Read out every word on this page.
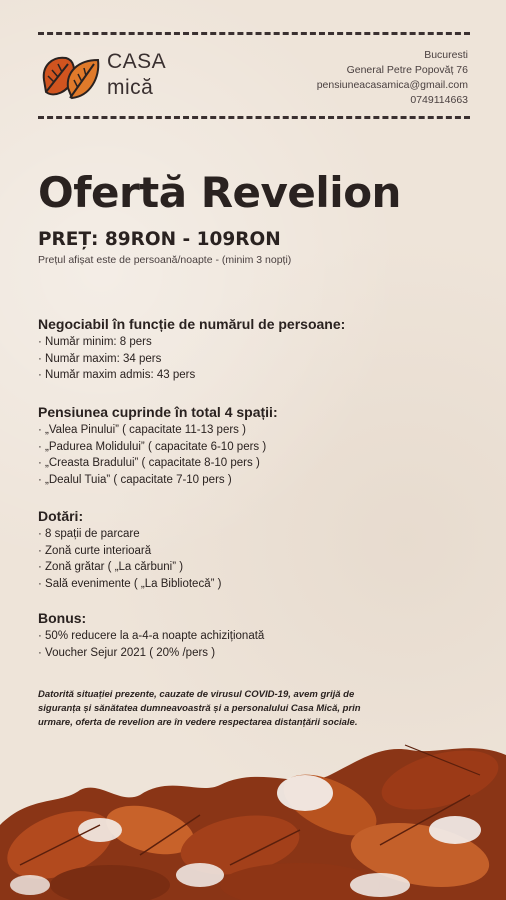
CASA
mică
Bucuresti
General Petre Popovăț 76
pensiuneacasamica@gmail.com
0749114663
Ofertă Revelion
PREȚ: 89RON - 109RON
Prețul afișat este de persoană/noapte - (minim 3 nopți)
Negociabil în funcție de numărul de persoane:
· Număr minim: 8 pers
· Număr maxim: 34 pers
· Număr maxim admis: 43 pers
Pensiunea cuprinde în total 4 spații:
· „Valea Pinului” ( capacitate 11-13 pers )
· „Padurea Molidului” ( capacitate 6-10 pers )
· „Creasta Bradului” ( capacitate 8-10 pers )
· „Dealul Tuia” ( capacitate 7-10 pers )
Dotări:
· 8 spații de parcare
· Zonă curte interioară
· Zonă grătar ( „La cărbuni” )
· Sală evenimente ( „La Bibliotecă” )
Bonus:
· 50% reducere la a-4-a noapte achiziționată
· Voucher Sejur 2021 ( 20% /pers )
Datorită situației prezente, cauzate de virusul COVID-19, avem grijă de siguranța și sănătatea dumneavoastră și a personalului Casa Mică, prin urmare, oferta de revelion are în vedere respectarea distanțării sociale.
